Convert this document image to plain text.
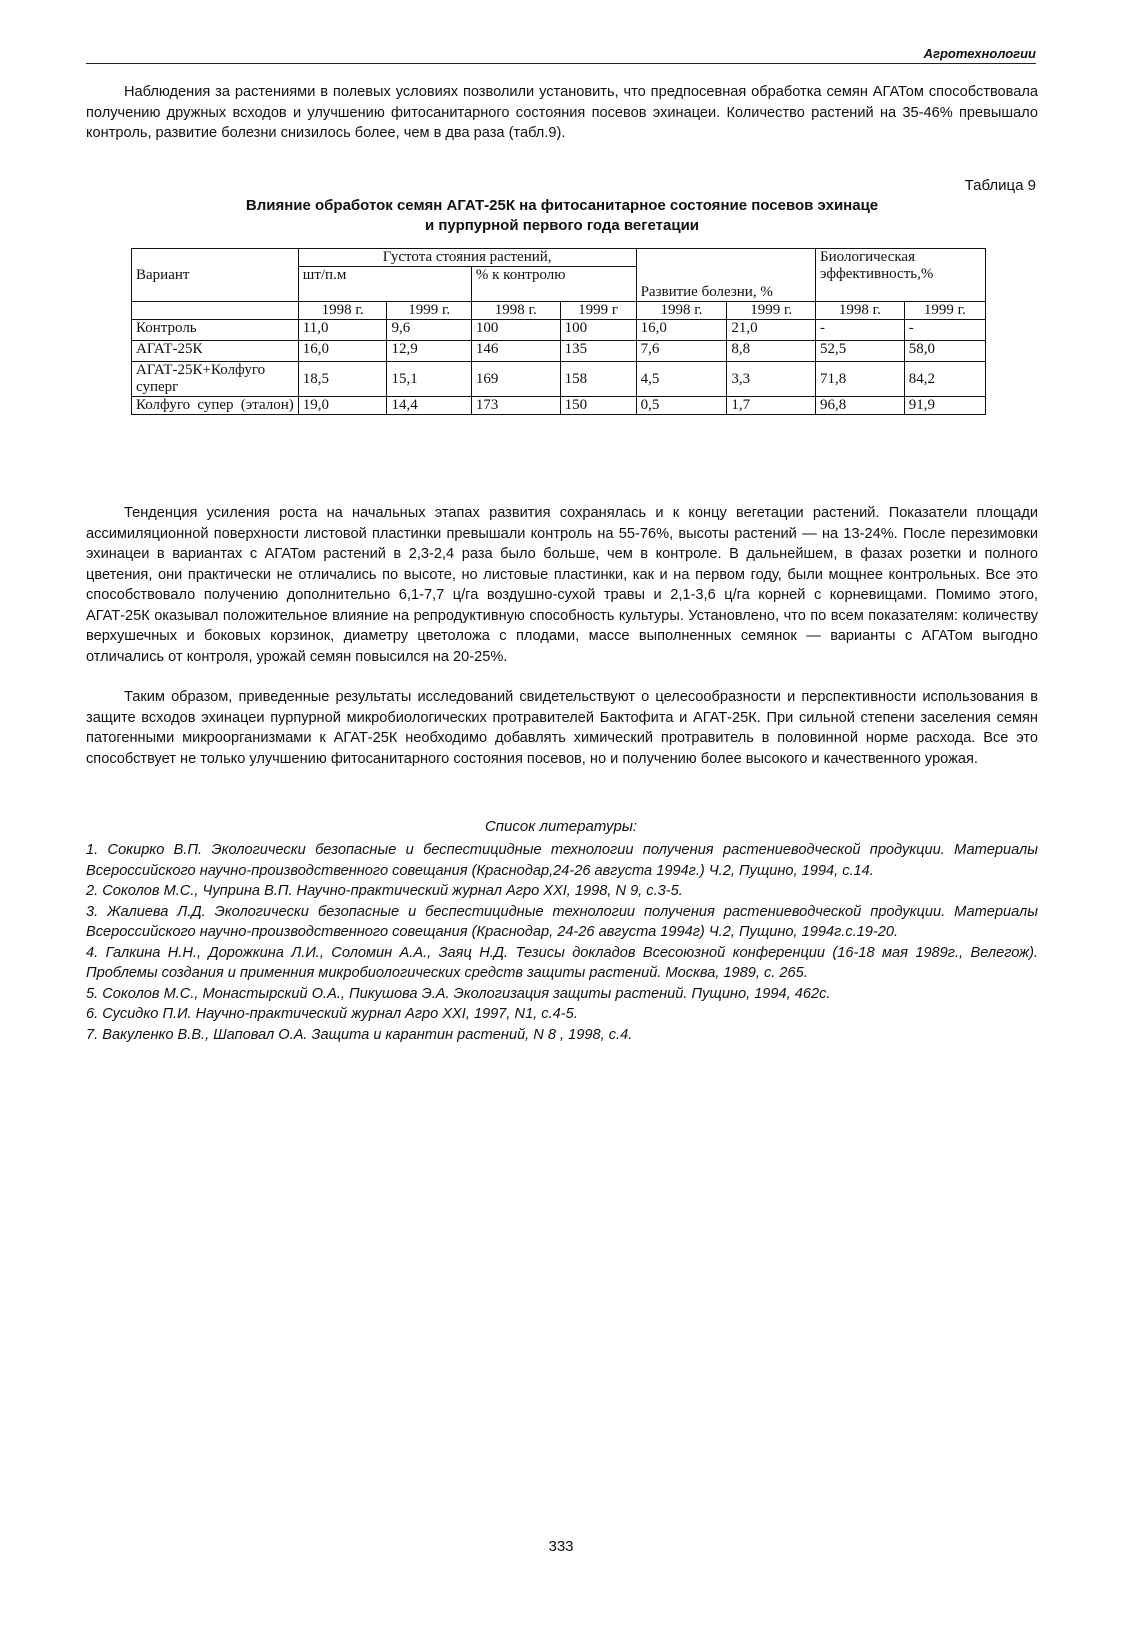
Агротехнологии

Наблюдения за растениями в полевых условиях позволили установить, что предпосевная обработка семян АГАТом способствовала получению дружных всходов и улучшению фитосанитарного состояния посевов эхинацеи. Количество растений на 35-46% превышало контроль, развитие болезни снизилось более, чем в два раза (табл.9).

Таблица 9
Влияние обработок семян АГАТ-25К на фитосанитарное состояние посевов эхинаце
и пурпурной первого года вегетации
Вариант	Густота стояния растений,				Развитие болезни, %		Биологическая эффективность,%	
	шт/п.м		% к контролю					
	1998 г.	1999 г.	1998 г.	1999 г	1998 г.	1999 г.	1998 г.	1999 г.
Контроль	11,0	9,6	100	100	16,0	21,0	-	-
АГАТ-25К	16,0	12,9	146	135	7,6	8,8	52,5	58,0
АГАТ-25К+Колфуго суперг	18,5	15,1	169	158	4,5	3,3	71,8	84,2
Колфуго супер (эталон)	19,0	14,4	173	150	0,5	1,7	96,8	91,9

Тенденция усиления роста на начальных этапах развития сохранялась и к концу вегетации растений. Показатели площади ассимиляционной поверхности листовой пластинки превышали контроль на 55-76%, высоты растений — на 13-24%. После перезимовки эхинацеи в вариантах с АГАТом растений в 2,3-2,4 раза было больше, чем в контроле. В дальнейшем, в фазах розетки и полного цветения, они практически не отличались по высоте, но листовые пластинки, как и на первом году, были мощнее контрольных. Все это способствовало получению дополнительно 6,1-7,7 ц/га воздушно-сухой травы и 2,1-3,6 ц/га корней с корневищами. Помимо этого, АГАТ-25К оказывал положительное влияние на репродуктивную способность культуры. Установлено, что по всем показателям: количеству верхушечных и боковых корзинок, диаметру цветоложа с плодами, массе выполненных семянок — варианты с АГАТом выгодно отличались от контроля, урожай семян повысился на 20-25%.

Таким образом, приведенные результаты исследований свидетельствуют о целесообразности и перспективности использования в защите всходов эхинацеи пурпурной микробиологических протравителей Бактофита и АГАТ-25К. При сильной степени заселения семян патогенными микроорганизмами к АГАТ-25К необходимо добавлять химический протравитель в половинной норме расхода. Все это способствует не только улучшению фитосанитарного состояния посевов, но и получению более высокого и качественного урожая.

Список литературы:
1. Сокирко В.П. Экологически безопасные и беспестицидные технологии получения растениеводческой продукции. Материалы Всероссийского научно-производственного совещания (Краснодар,24-26 августа 1994г.) Ч.2, Пущино, 1994, с.14.
2. Соколов М.С., Чуприна В.П. Научно-практический журнал Агро XXI, 1998, N 9, с.3-5.
3. Жалиева Л.Д. Экологически безопасные и беспестицидные технологии получения растениеводческой продукции. Материалы Всероссийского научно-производственного совещания (Краснодар, 24-26 августа 1994г) Ч.2, Пущино, 1994г.с.19-20.
4. Галкина Н.Н., Дорожкина Л.И., Соломин А.А., Заяц Н.Д. Тезисы докладов Всесоюзной конференции (16-18 мая 1989г., Велегож). Проблемы создания и применния микробиологических средств защиты растений. Москва, 1989, с. 265.
5. Соколов М.С., Монастырский О.А., Пикушова Э.А. Экологизация защиты растений. Пущино, 1994, 462с.
6. Сусидко П.И. Научно-практический журнал Агро XXI, 1997, N1, с.4-5.
7. Вакуленко В.В., Шаповал О.А. Защита и карантин растений, N 8 , 1998, с.4.
333
